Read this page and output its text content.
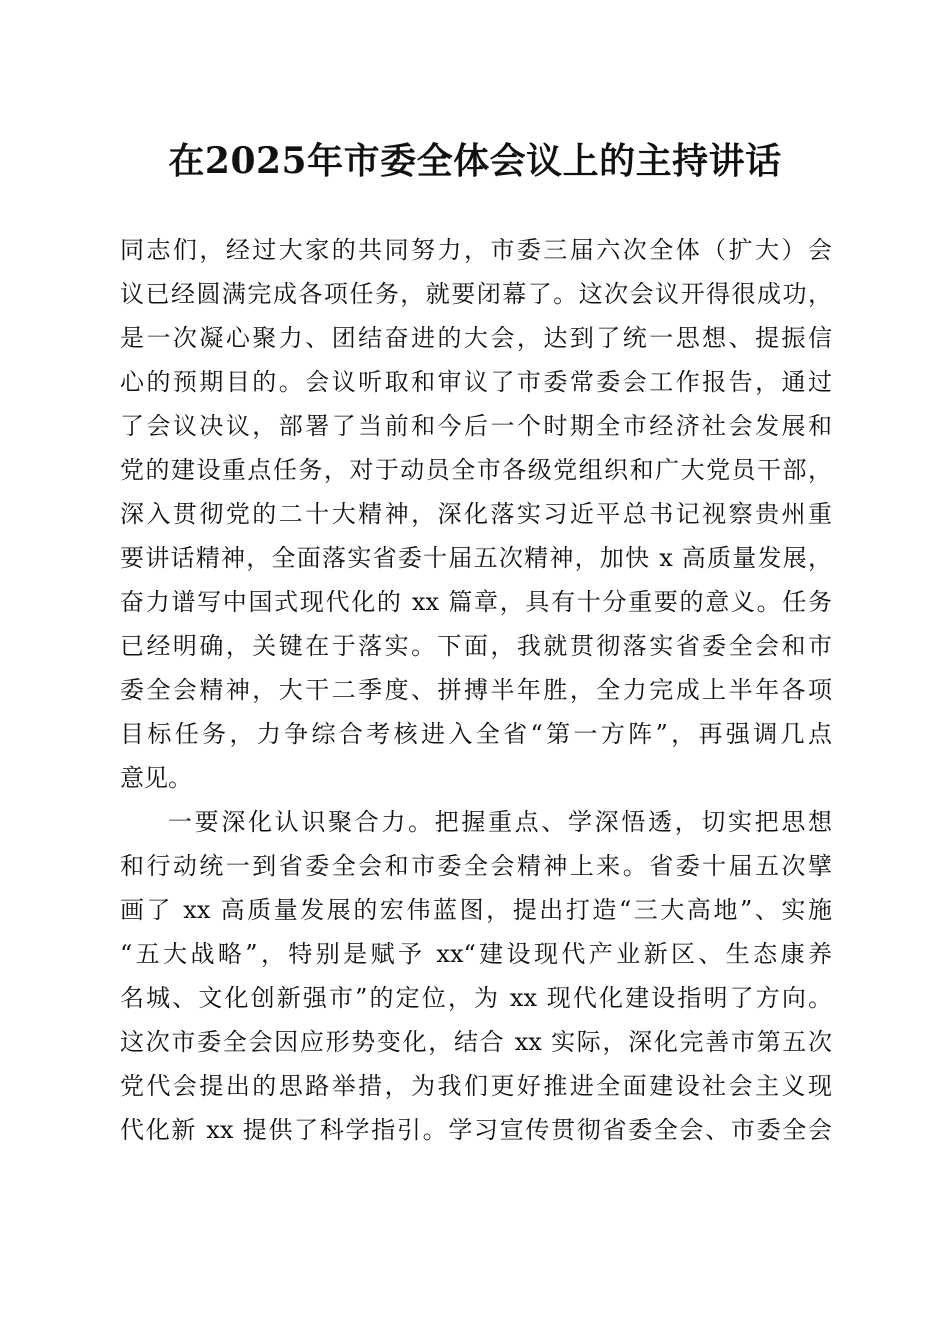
在2025年市委全体会议上的主持讲话
同志们，经过大家的共同努力，市委三届六次全体（扩大）会
议已经圆满完成各项任务，就要闭幕了。这次会议开得很成功，
是一次凝心聚力、团结奋进的大会，达到了统一思想、提振信
心的预期目的。会议听取和审议了市委常委会工作报告，通过
了会议决议，部署了当前和今后一个时期全市经济社会发展和
党的建设重点任务，对于动员全市各级党组织和广大党员干部，
深入贯彻党的二十大精神，深化落实习近平总书记视察贵州重
要讲话精神，全面落实省委十届五次精神，加快 x 高质量发展，
奋力谱写中国式现代化的 xx 篇章，具有十分重要的意义。任务
已经明确，关键在于落实。下面，我就贯彻落实省委全会和市
委全会精神，大干二季度、拼搏半年胜，全力完成上半年各项
目标任务，力争综合考核进入全省“第一方阵”，再强调几点
意见。
一要深化认识聚合力。把握重点、学深悟透，切实把思想
和行动统一到省委全会和市委全会精神上来。省委十届五次擘
画了 xx 高质量发展的宏伟蓝图，提出打造“三大高地”、实施
“五大战略”，特别是赋予 xx“建设现代产业新区、生态康养
名城、文化创新强市”的定位，为 xx 现代化建设指明了方向。
这次市委全会因应形势变化，结合 xx 实际，深化完善市第五次
党代会提出的思路举措，为我们更好推进全面建设社会主义现
代化新 xx 提供了科学指引。学习宣传贯彻省委全会、市委全会
